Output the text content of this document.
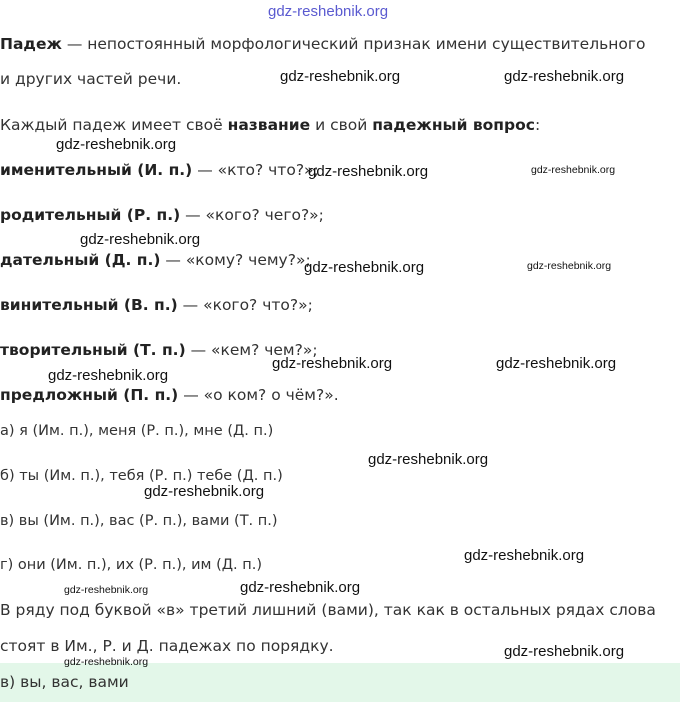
gdz-reshebnik.org
Падеж — непостоянный морфологический признак имени существительного
и других частей речи.
Каждый падеж имеет своё название и свой падежный вопрос:
именительный (И. п.) — «кто? что?»;
родительный (Р. п.) — «кого? чего?»;
дательный (Д. п.) — «кому? чему?»;
винительный (В. п.) — «кого? что?»;
творительный (Т. п.) — «кем? чем?»;
предложный (П. п.) — «о ком? о чём?».
а) я (Им. п.), меня (Р. п.), мне (Д. п.)
б) ты (Им. п.), тебя (Р. п.) тебе (Д. п.)
в) вы (Им. п.), вас (Р. п.), вами (Т. п.)
г) они (Им. п.), их (Р. п.), им (Д. п.)
В ряду под буквой «в» третий лишний (вами), так как в остальных рядах слова
стоят в Им., Р. и Д. падежах по порядку.
в) вы, вас, вами
gdz-reshebnik.org	gdz-reshebnik.org
gdz-reshebnik.org
gdz-reshebnik.org	gdz-reshebnik.org
gdz-reshebnik.org
gdz-reshebnik.org	gdz-reshebnik.org
gdz-reshebnik.org	gdz-reshebnik.org
gdz-reshebnik.org
gdz-reshebnik.org
gdz-reshebnik.org
gdz-reshebnik.org
gdz-reshebnik.org	gdz-reshebnik.org
gdz-reshebnik.org
gdz-reshebnik.org
